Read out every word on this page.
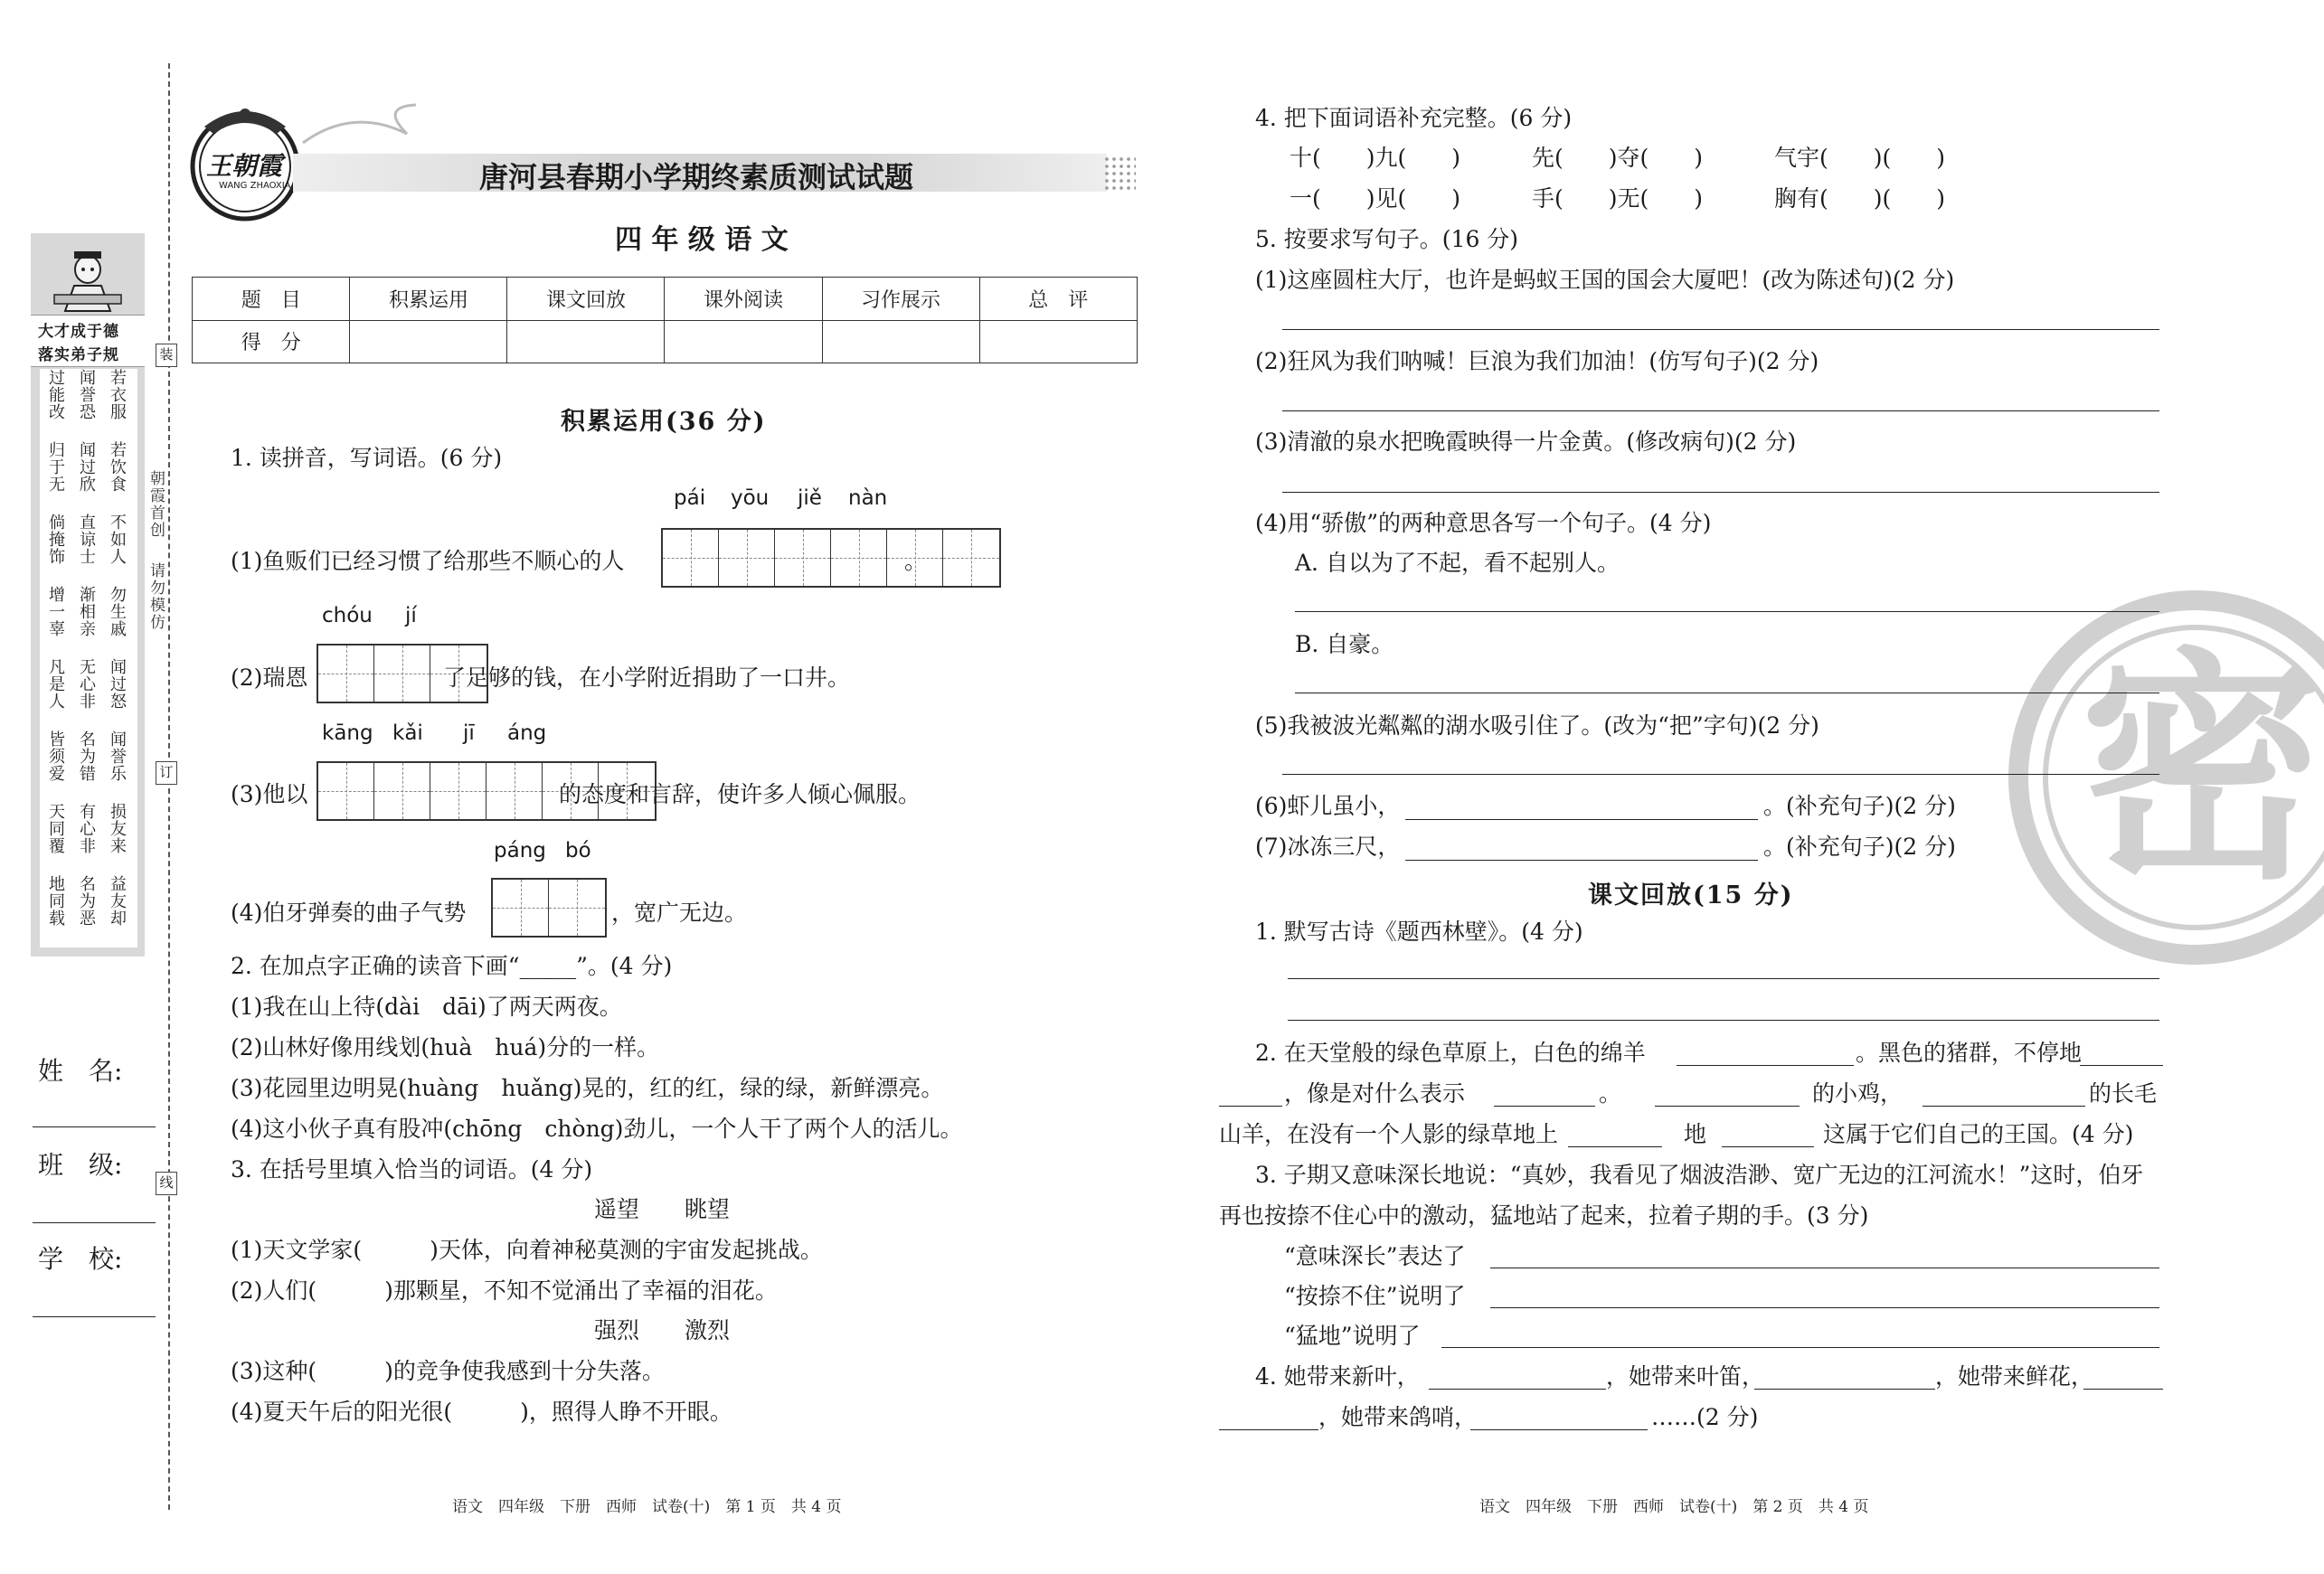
装
订
线
朝霞首创
请勿模仿
大才成于德
落实弟子规
过能改 闻誉恐 若衣服
归于无 闻过欣 若饮食
倘掩饰 直谅士 不如人
增一辜 渐相亲 勿生戚
凡是人 无心非 闻过怒
皆须爱 名为错 闻誉乐
天同覆 有心非 损友来
地同载 名为恶 益友却
姓　名:
班　级:
学　校:
王朝霞
WANG ZHAOXIA	唐河县春期小学期终素质测试试题
四 年 级 语 文
题　目	积累运用	课文回放	课外阅读	习作展示	总　评
得　分					
积累运用(36 分)
1. 读拼音，写词语。(6 分)
pái yōu jiě nàn
(1)鱼贩们已经习惯了给那些不顺心的人	。
chóu jí
(2)瑞恩	了足够的钱，在小学附近捐助了一口井。
kāng kǎi jī áng
(3)他以	的态度和言辞，使许多人倾心佩服。
páng bó
(4)伯牙弹奏的曲子气势	，宽广无边。
2. 在加点字正确的读音下画“_____”。(4 分)
(1)我在山上待(dài　dāi)了两天两夜。
(2)山林好像用线划(huà　huá)分的一样。
(3)花园里边明晃(huàng　huǎng)晃的，红的红，绿的绿，新鲜漂亮。
(4)这小伙子真有股冲(chōng　chòng)劲儿，一个人干了两个人的活儿。
3. 在括号里填入恰当的词语。(4 分)
遥望　　眺望
(1)天文学家(　　　)天体，向着神秘莫测的宇宙发起挑战。
(2)人们(　　　)那颗星，不知不觉涌出了幸福的泪花。
强烈　　激烈
(3)这种(　　　)的竞争使我感到十分失落。
(4)夏天午后的阳光很(　　　)，照得人睁不开眼。
语文　四年级　下册　西师　试卷(十)　第 1 页　共 4 页
密
4. 把下面词语补充完整。(6 分)
十(　　)九(　　)	先(　　)夺(　　)	气宇(　　)(　　)
一(　　)见(　　)	手(　　)无(　　)	胸有(　　)(　　)
5. 按要求写句子。(16 分)
(1)这座圆柱大厅，也许是蚂蚁王国的国会大厦吧！(改为陈述句)(2 分)
(2)狂风为我们呐喊！巨浪为我们加油！(仿写句子)(2 分)
(3)清澈的泉水把晚霞映得一片金黄。(修改病句)(2 分)
(4)用“骄傲”的两种意思各写一个句子。(4 分)
A. 自以为了不起，看不起别人。
B. 自豪。
(5)我被波光粼粼的湖水吸引住了。(改为“把”字句)(2 分)
(6)虾儿虽小，	。(补充句子)(2 分)
(7)冰冻三尺，	。(补充句子)(2 分)
课文回放(15 分)
1. 默写古诗《题西林壁》。(4 分)
2. 在天堂般的绿色草原上，白色的绵羊	。黑色的猪群，不停地
，像是对什么表示	。	的小鸡，	的长毛
山羊，在没有一个人影的绿草地上	地	这属于它们自己的王国。(4 分)
3. 子期又意味深长地说：“真妙，我看见了烟波浩渺、宽广无边的江河流水！”这时，伯牙
再也按捺不住心中的激动，猛地站了起来，拉着子期的手。(3 分)
“意味深长”表达了
“按捺不住”说明了
“猛地”说明了
4. 她带来新叶，	，她带来叶笛，	，她带来鲜花，
，她带来鸽哨，	……(2 分)
语文　四年级　下册　西师　试卷(十)　第 2 页　共 4 页
